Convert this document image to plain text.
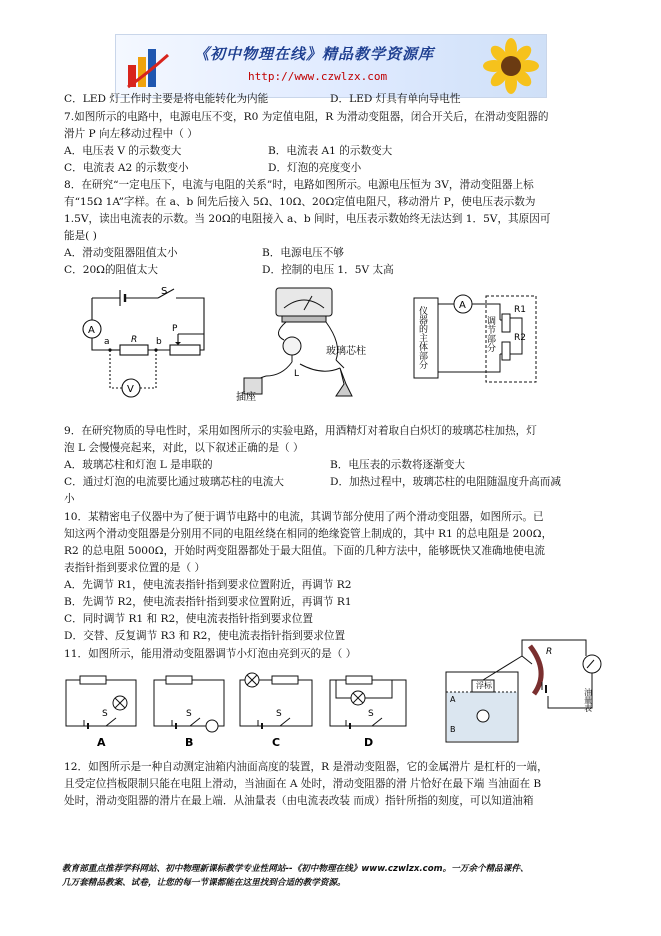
《初中物理在线》精品教学资源库
http://www.czwlzx.com
C．LED 灯工作时主要是将电能转化为内能	D．LED 灯具有单向导电性
7.如图所示的电路中，电源电压不变，R0 为定值电阻，R 为滑动变阻器，闭合开关后，在滑动变阻器的
滑片 P 向左移动过程中（ ）
A．电压表 V 的示数变大	B．电流表 A1 的示数变大
C．电流表 A2 的示数变小	D．灯泡的亮度变小
8．在研究“一定电压下，电流与电阻的关系”时，电路如图所示。电源电压恒为 3V，滑动变阻器上标
有“15Ω 1A”字样。在 a、b 间先后接入 5Ω、10Ω、20Ω定值电阻尺，移动滑片 P，使电压表示数为
1.5V，读出电流表的示数。当 20Ω的电阻接入 a、b 间时，电压表示数始终无法达到 1．5V，其原因可
能是( )
A．滑动变阻器阻值太小	B．电源电压不够
C．20Ω的阻值太大	D．控制的电压 1．5V 太高
S
A
a R b
P
V
玻璃芯柱
L
插座
A
仪器的主体部分	调节部分
R1
R2
9．在研究物质的导电性时，采用如图所示的实验电路，用酒精灯对着取自白炽灯的玻璃芯柱加热，灯
泡 L 会慢慢亮起来，对此，以下叙述正确的是（ ）
A．玻璃芯柱和灯泡 L 是串联的	B．电压表的示数将逐渐变大
C．通过灯泡的电流要比通过玻璃芯柱的电流大	D．加热过程中，玻璃芯柱的电阻随温度升高而减
小
10．某精密电子仪器中为了便于调节电路中的电流，其调节部分使用了两个滑动变阻器，如图所示。已
知这两个滑动变阻器是分别用不同的电阻丝绕在相同的绝缘瓷管上制成的，其中 R1 的总电阻是 200Ω，
R2 的总电阻 5000Ω，开始时两变阻器都处于最大阻值。下面的几种方法中，能够既快又准确地使电流
表指针指到要求位置的是（ ）
A．先调节 R1，使电流表指针指到要求位置附近，再调节 R2
B．先调节 R2，使电流表指针指到要求位置附近，再调节 R1
C．同时调节 R1 和 R2，使电流表指针指到要求位置
D．交替、反复调节 R3 和 R2，使电流表指针指到要求位置
11．如图所示，能用滑动变阻器调节小灯泡由亮到灭的是（ ）
A	B	C	D
S	S	S	S
A
B
浮标
R
油量表
12．如图所示是一种自动测定油箱内油面高度的装置，R 是滑动变阻器，它的金属滑片 是杠杆的一端，
且受定位挡板限制只能在电阻上滑动，当油面在 A 处时，滑动变阻器的滑 片恰好在最下端 当油面在 B
处时，滑动变阻器的滑片在最上端．从油量表（由电流表改装 而成）指针所指的刻度，可以知道油箱
教育部重点推荐学科网站、初中物理新课标教学专业性网站--《初中物理在线》www.czwlzx.com。一万余个精品课件、
几万套精品教案、试卷，让您的每一节课都能在这里找到合适的教学资源。
